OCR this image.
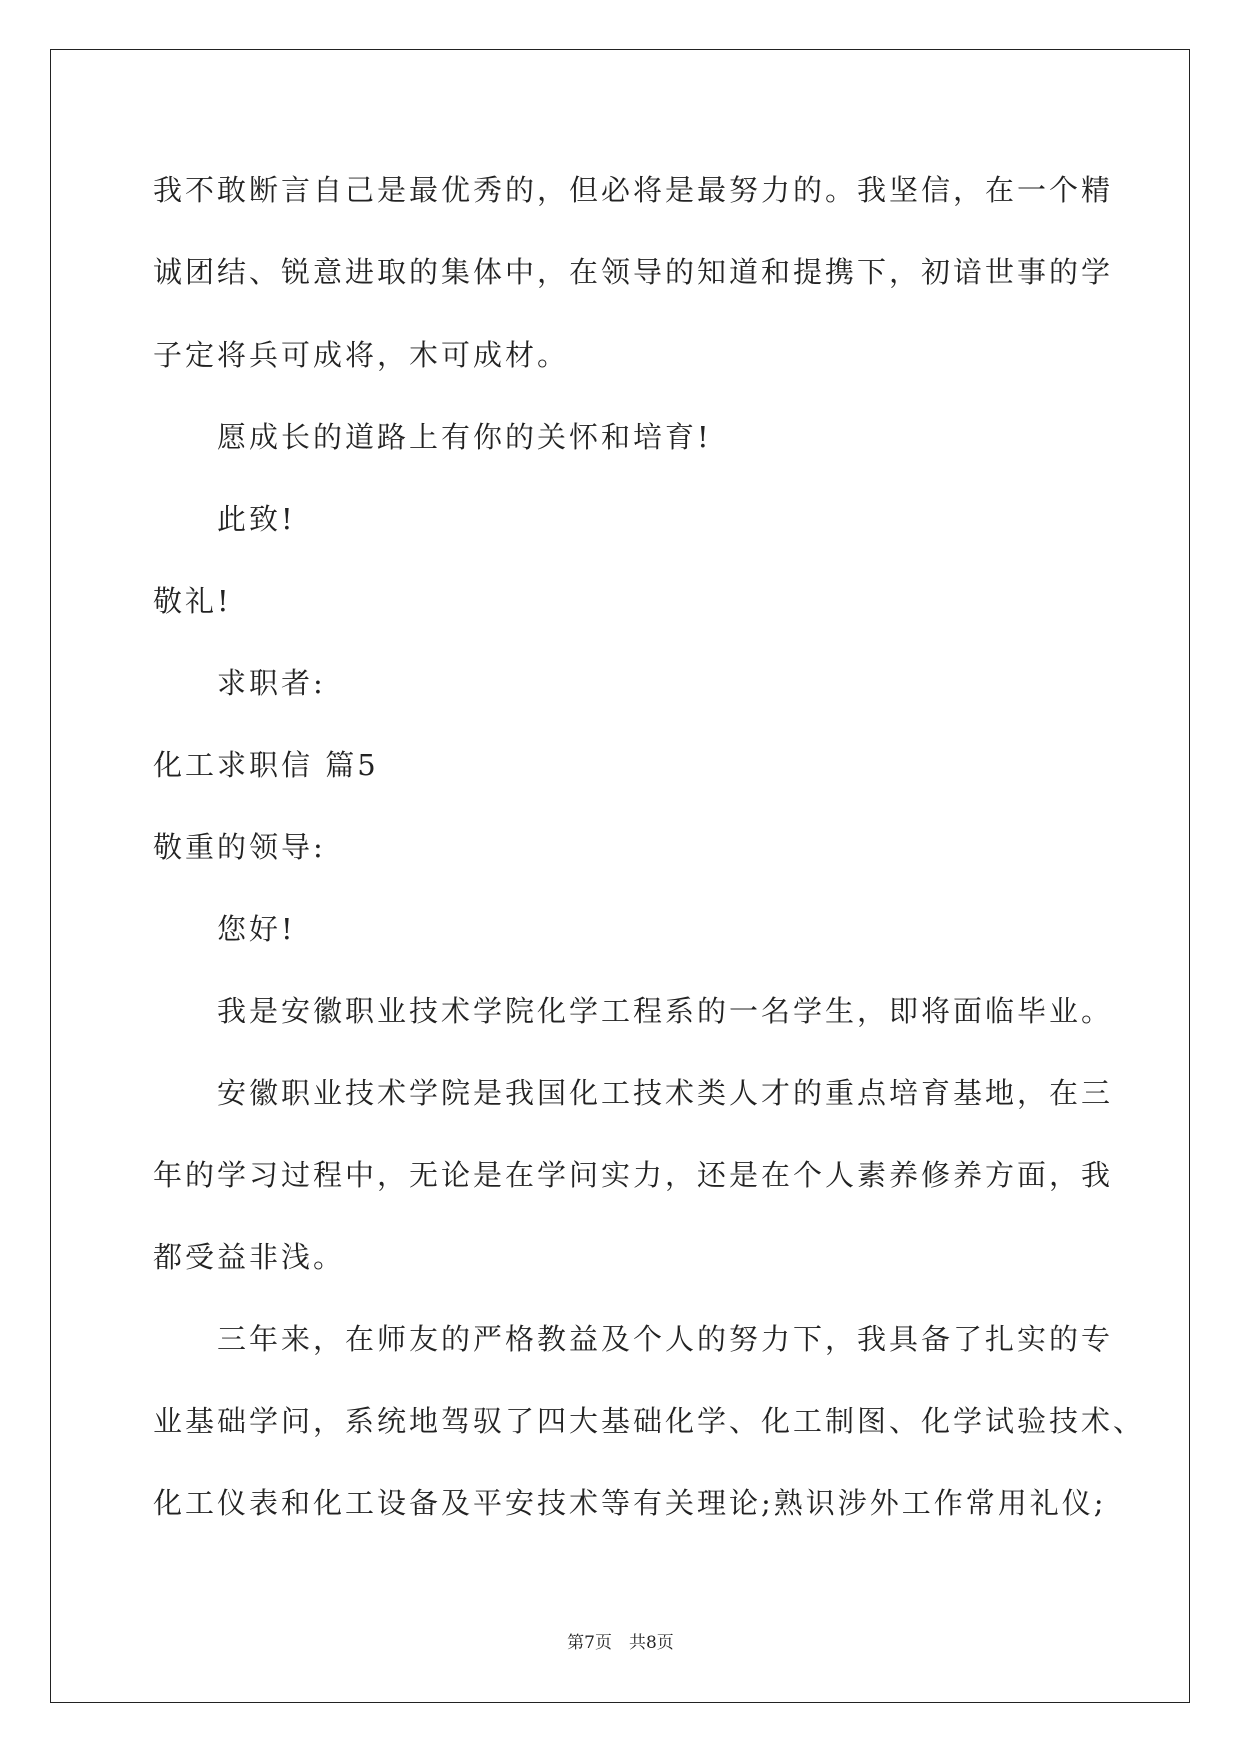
我不敢断言自己是最优秀的，但必将是最努力的。我坚信，在一个精
诚团结、锐意进取的集体中，在领导的知道和提携下，初谙世事的学
子定将兵可成将，木可成材。
愿成长的道路上有你的关怀和培育!
此致!
敬礼!
求职者:
化工求职信 篇5
敬重的领导:
您好!
我是安徽职业技术学院化学工程系的一名学生，即将面临毕业。
安徽职业技术学院是我国化工技术类人才的重点培育基地，在三
年的学习过程中，无论是在学问实力，还是在个人素养修养方面，我
都受益非浅。
三年来，在师友的严格教益及个人的努力下，我具备了扎实的专
业基础学问，系统地驾驭了四大基础化学、化工制图、化学试验技术、
化工仪表和化工设备及平安技术等有关理论;熟识涉外工作常用礼仪;
第7页　共8页
